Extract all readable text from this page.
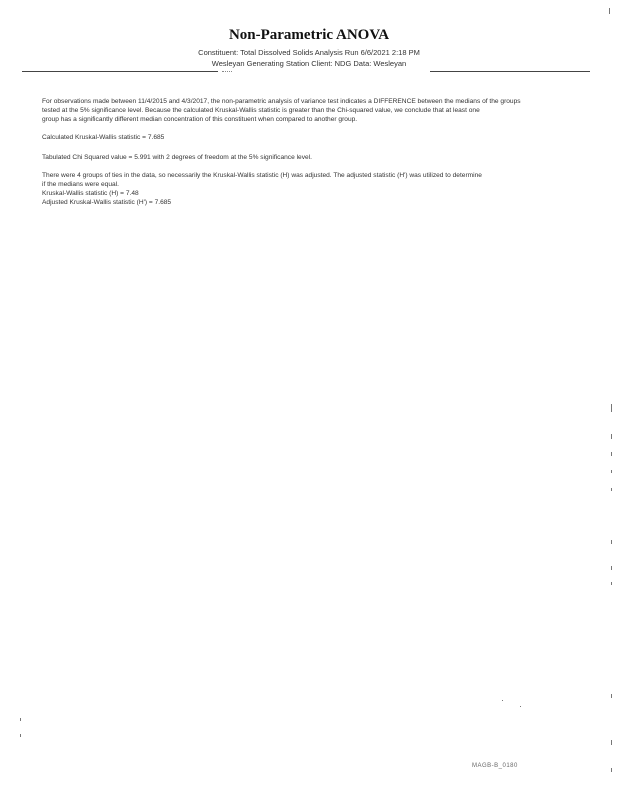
· · · · · · · · · · · · · ·
Non-Parametric ANOVA
Constituent: Total Dissolved Solids Analysis Run 6/6/2021 2:18 PM
Wesleyan Generating Station Client: NDG Data: Wesleyan
For observations made between 11/4/2015 and 4/3/2017, the non-parametric analysis of variance test indicates a DIFFERENCE between the medians of the groups
tested at the 5% significance level. Because the calculated Kruskal-Wallis statistic is greater than the Chi-squared value, we conclude that at least one
group has a significantly different median concentration of this constituent when compared to another group.
Calculated Kruskal-Wallis statistic = 7.685
Tabulated Chi Squared value = 5.991 with 2 degrees of freedom at the 5% significance level.
There were 4 groups of ties in the data, so necessarily the Kruskal-Wallis statistic (H) was adjusted. The adjusted statistic (H') was utilized to determine
if the medians were equal.
Kruskal-Wallis statistic (H) = 7.48
Adjusted Kruskal-Wallis statistic (H') = 7.685
MAGB-B_0180
